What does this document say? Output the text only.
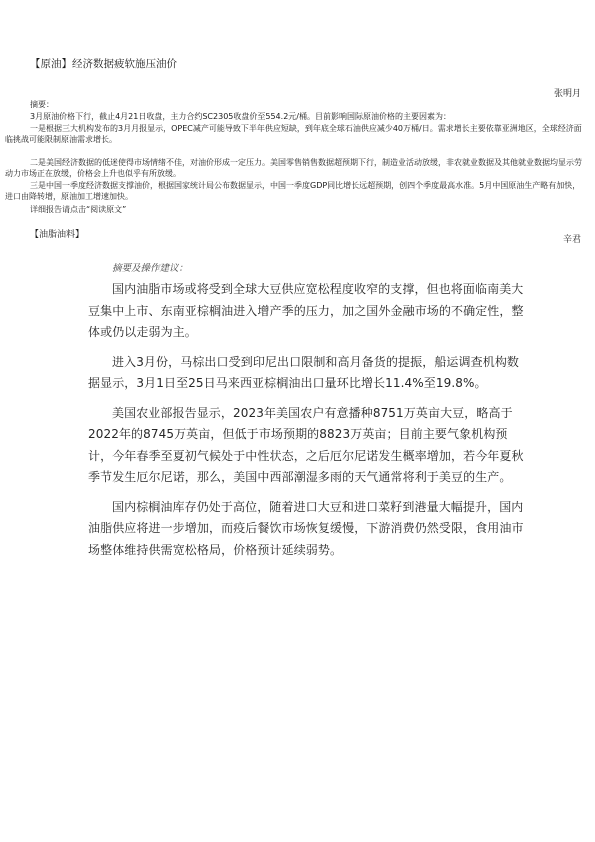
【原油】经济数据疲软施压油价
张明月
摘要：

3月原油价格下行，截止4月21日收盘，主力合约SC2305收盘价至554.2元/桶。目前影响国际原油价格的主要因素为：

一是根据三大机构发布的3月月报显示，OPEC减产可能导致下半年供应短缺，到年底全球石油供应减少40万桶/日。需求增长主要依靠亚洲地区，全球经济面临挑战可能限制原油需求增长。

二是美国经济数据的低迷使得市场情绪不佳，对油价形成一定压力。美国零售销售数据超预期下行，制造业活动放缓，非农就业数据及其他就业数据均显示劳动力市场正在放缓，价格会上升也似乎有所放缓。

三是中国一季度经济数据支撑油价，根据国家统计局公布数据显示，中国一季度GDP同比增长远超预期，创四个季度最高水准。5月中国原油生产略有加快，进口由降转增，原油加工增速加快。

详细报告请点击“阅读原文”

【油脂油料】	辛君
摘要及操作建议：

国内油脂市场或将受到全球大豆供应宽松程度收窄的支撑，但也将面临南美大豆集中上市、东南亚棕榈油进入增产季的压力，加之国外金融市场的不确定性，整体或仍以走弱为主。

进入3月份，马棕出口受到印尼出口限制和高月备货的提振，船运调查机构数据显示，3月1日至25日马来西亚棕榈油出口量环比增长11.4%至19.8%。

美国农业部报告显示，2023年美国农户有意播种8751万英亩大豆，略高于2022年的8745万英亩，但低于市场预期的8823万英亩；目前主要气象机构预计，今年春季至夏初气候处于中性状态，之后厄尔尼诺发生概率增加，若今年夏秋季节发生厄尔尼诺，那么，美国中西部潮湿多雨的天气通常将利于美豆的生产。

国内棕榈油库存仍处于高位，随着进口大豆和进口菜籽到港量大幅提升，国内油脂供应将进一步增加，而疫后餐饮市场恢复缓慢，下游消费仍然受限，食用油市场整体维持供需宽松格局，价格预计延续弱势。
